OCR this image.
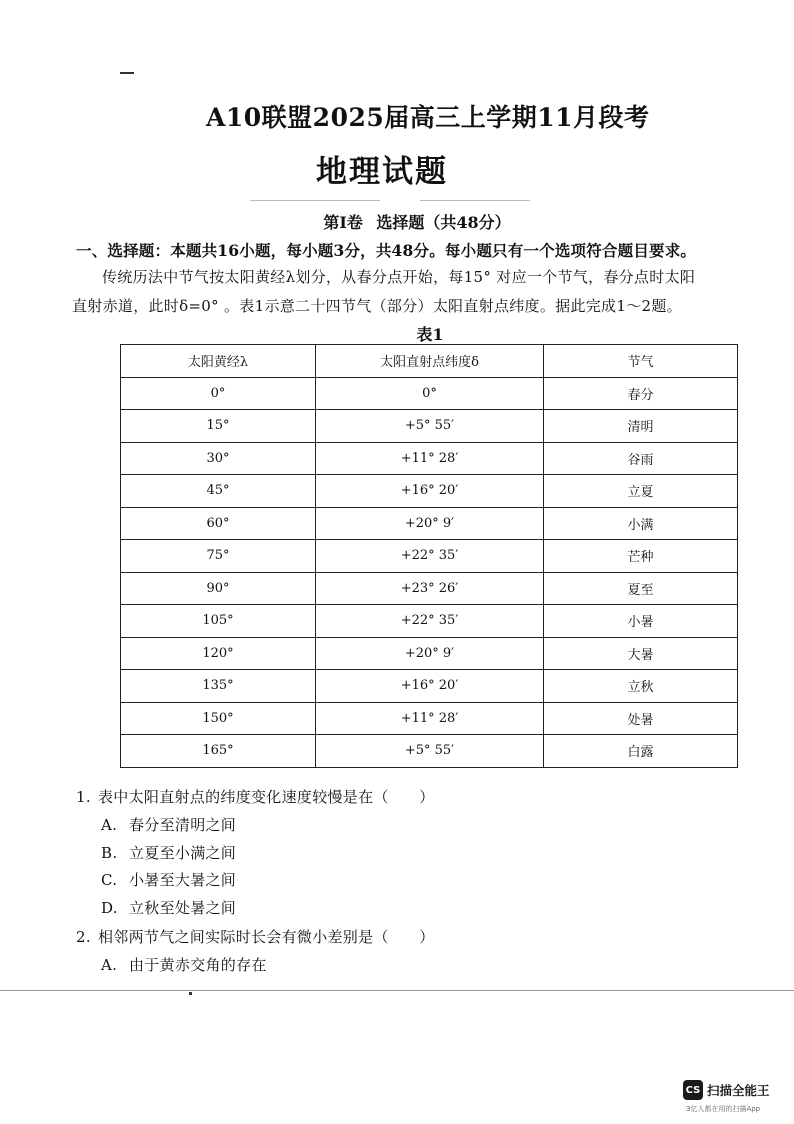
A10联盟2025届高三上学期11月段考
地理试题
第Ⅰ卷 选择题（共48分）
一、选择题：本题共16小题，每小题3分，共48分。每小题只有一个选项符合题目要求。
传统历法中节气按太阳黄经λ划分，从春分点开始，每15° 对应一个节气，春分点时太阳
直射赤道，此时δ=0° 。表1示意二十四节气（部分）太阳直射点纬度。据此完成1～2题。
表1
太阳黄经λ	太阳直射点纬度δ	节气
0°	0°	春分
15°	+5° 55′	清明
30°	+11° 28′	谷雨
45°	+16° 20′	立夏
60°	+20° 9′	小满
75°	+22° 35′	芒种
90°	+23° 26′	夏至
105°	+22° 35′	小暑
120°	+20° 9′	大暑
135°	+16° 20′	立秋
150°	+11° 28′	处暑
165°	+5° 55′	白露
1. 表中太阳直射点的纬度变化速度较慢是在（　　）
A. 春分至清明之间
B. 立夏至小满之间
C. 小暑至大暑之间
D. 立秋至处暑之间
2. 相邻两节气之间实际时长会有微小差别是（　　）
A. 由于黄赤交角的存在
CS 扫描全能王
3亿人都在用的扫描App
